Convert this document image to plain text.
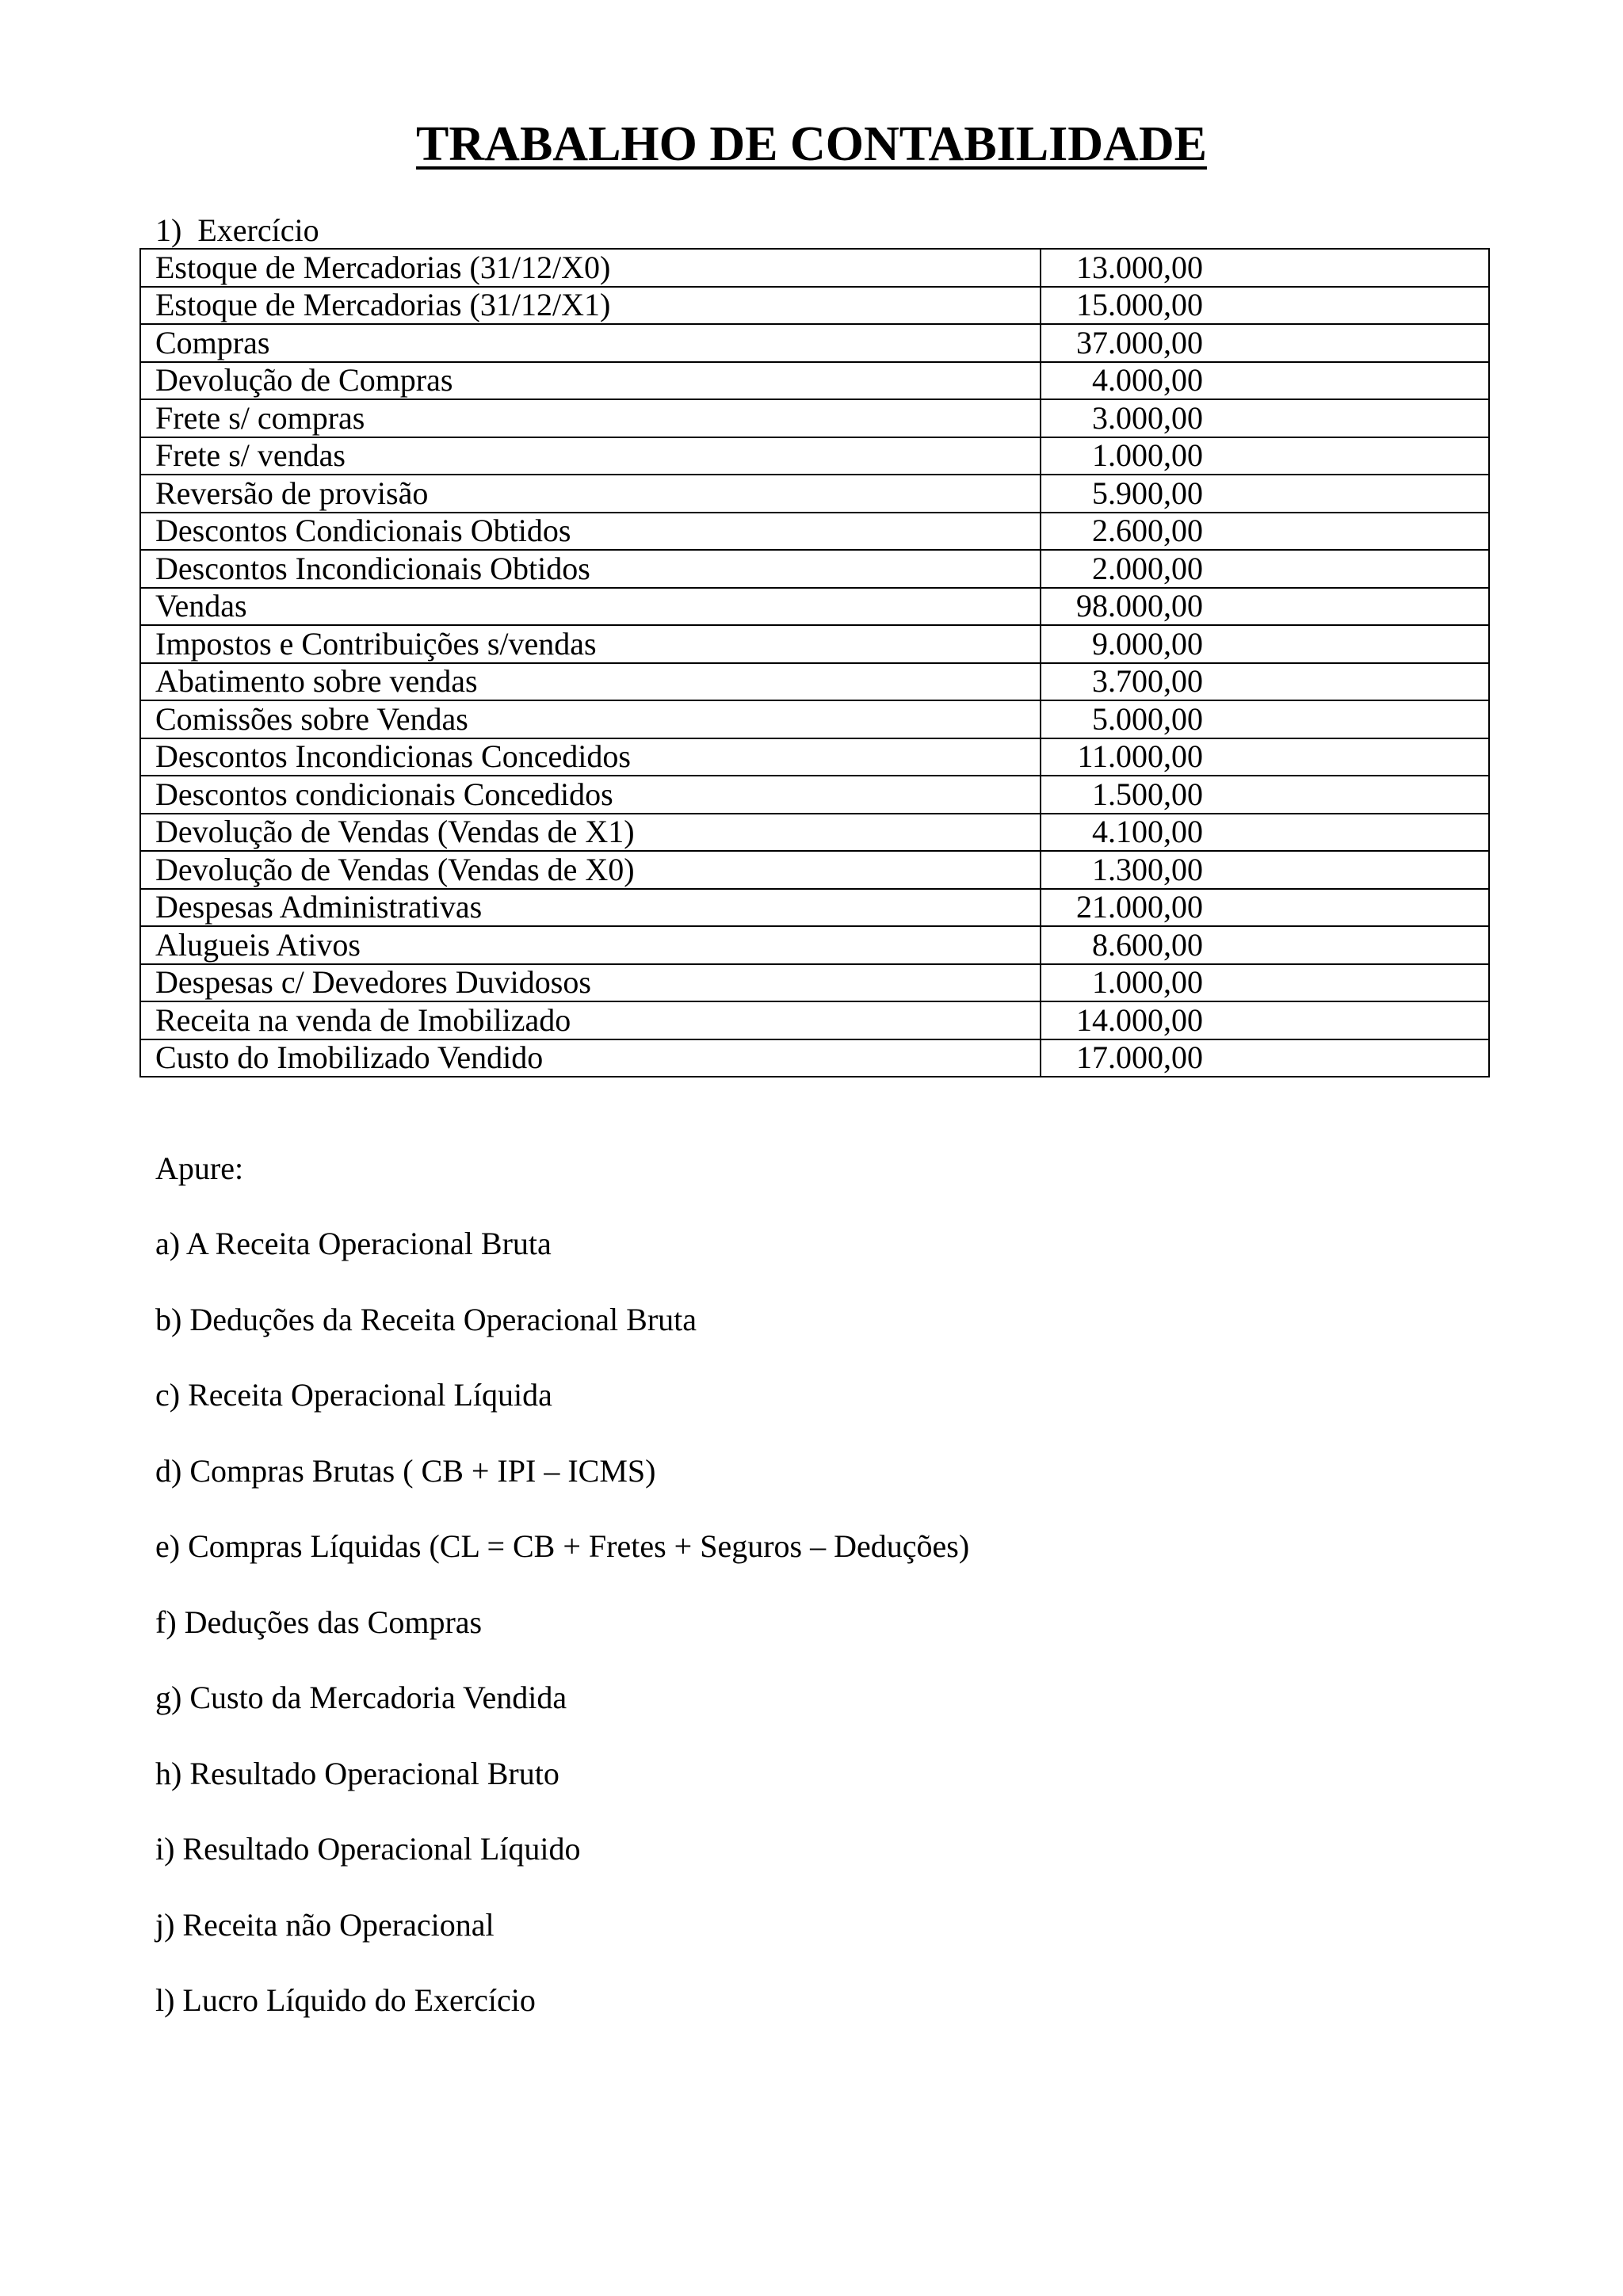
TRABALHO DE CONTABILIDADE
1)  Exercício
Estoque de Mercadorias (31/12/X0)	13.000,00
Estoque de Mercadorias (31/12/X1)	15.000,00
Compras	37.000,00
Devolução de Compras	4.000,00
Frete s/ compras	3.000,00
Frete s/ vendas	1.000,00
Reversão de provisão	5.900,00
Descontos Condicionais Obtidos	2.600,00
Descontos Incondicionais Obtidos	2.000,00
Vendas	98.000,00
Impostos e Contribuições s/vendas	9.000,00
Abatimento sobre vendas	3.700,00
Comissões sobre Vendas	5.000,00
Descontos Incondicionas Concedidos	11.000,00
Descontos condicionais Concedidos	1.500,00
Devolução de Vendas (Vendas de X1)	4.100,00
Devolução de Vendas (Vendas de X0)	1.300,00
Despesas Administrativas	21.000,00
Alugueis Ativos	8.600,00
Despesas c/ Devedores Duvidosos	1.000,00
Receita na venda de Imobilizado	14.000,00
Custo do Imobilizado Vendido	17.000,00
Apure:
a) A Receita Operacional Bruta
b) Deduções da Receita Operacional Bruta
c) Receita Operacional Líquida
d) Compras Brutas ( CB + IPI – ICMS)
e) Compras Líquidas (CL = CB + Fretes + Seguros – Deduções)
f) Deduções das Compras
g) Custo da Mercadoria Vendida
h) Resultado Operacional Bruto
i) Resultado Operacional Líquido
j) Receita não Operacional
l) Lucro Líquido do Exercício
